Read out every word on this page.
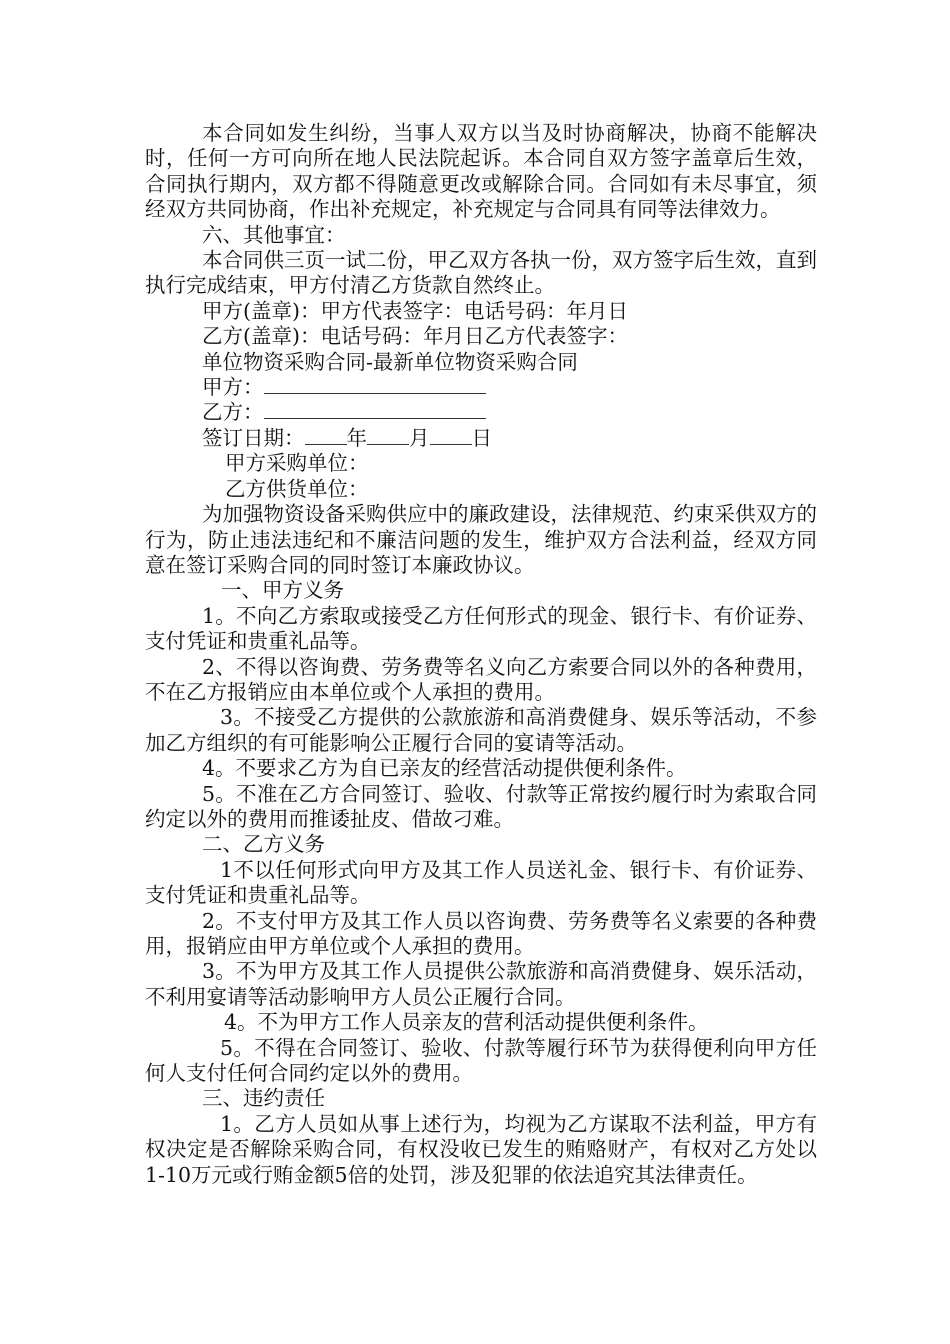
本合同如发生纠纷，当事人双方以当及时协商解决，协商不能解决时，任何一方可向所在地人民法院起诉。本合同自双方签字盖章后生效，合同执行期内，双方都不得随意更改或解除合同。合同如有未尽事宜，须经双方共同协商，作出补充规定，补充规定与合同具有同等法律效力。

六、其他事宜：

本合同供三页一试二份，甲乙双方各执一份，双方签字后生效，直到执行完成结束，甲方付清乙方货款自然终止。

甲方(盖章)：甲方代表签字：电话号码：年月日

乙方(盖章)：电话号码：年月日乙方代表签字：

单位物资采购合同-最新单位物资采购合同

甲方：

乙方：

签订日期： 年 月 日

甲方采购单位：

乙方供货单位：

为加强物资设备采购供应中的廉政建设，法律规范、约束采供双方的行为，防止违法违纪和不廉洁问题的发生，维护双方合法利益，经双方同意在签订采购合同的同时签订本廉政协议。

一、甲方义务

1。不向乙方索取或接受乙方任何形式的现金、银行卡、有价证券、支付凭证和贵重礼品等。

2、不得以咨询费、劳务费等名义向乙方索要合同以外的各种费用，不在乙方报销应由本单位或个人承担的费用。

3。不接受乙方提供的公款旅游和高消费健身、娱乐等活动，不参加乙方组织的有可能影响公正履行合同的宴请等活动。

4。不要求乙方为自已亲友的经营活动提供便利条件。

5。不准在乙方合同签订、验收、付款等正常按约履行时为索取合同约定以外的费用而推诿扯皮、借故刁难。

二、乙方义务

1不以任何形式向甲方及其工作人员送礼金、银行卡、有价证券、支付凭证和贵重礼品等。

2。不支付甲方及其工作人员以咨询费、劳务费等名义索要的各种费用，报销应由甲方单位或个人承担的费用。

3。不为甲方及其工作人员提供公款旅游和高消费健身、娱乐活动，不利用宴请等活动影响甲方人员公正履行合同。

4。不为甲方工作人员亲友的营利活动提供便利条件。

5。不得在合同签订、验收、付款等履行环节为获得便利向甲方任何人支付任何合同约定以外的费用。

三、违约责任

1。乙方人员如从事上述行为，均视为乙方谋取不法利益，甲方有权决定是否解除采购合同，有权没收已发生的贿赂财产，有权对乙方处以1-10万元或行贿金额5倍的处罚，涉及犯罪的依法追究其法律责任。
